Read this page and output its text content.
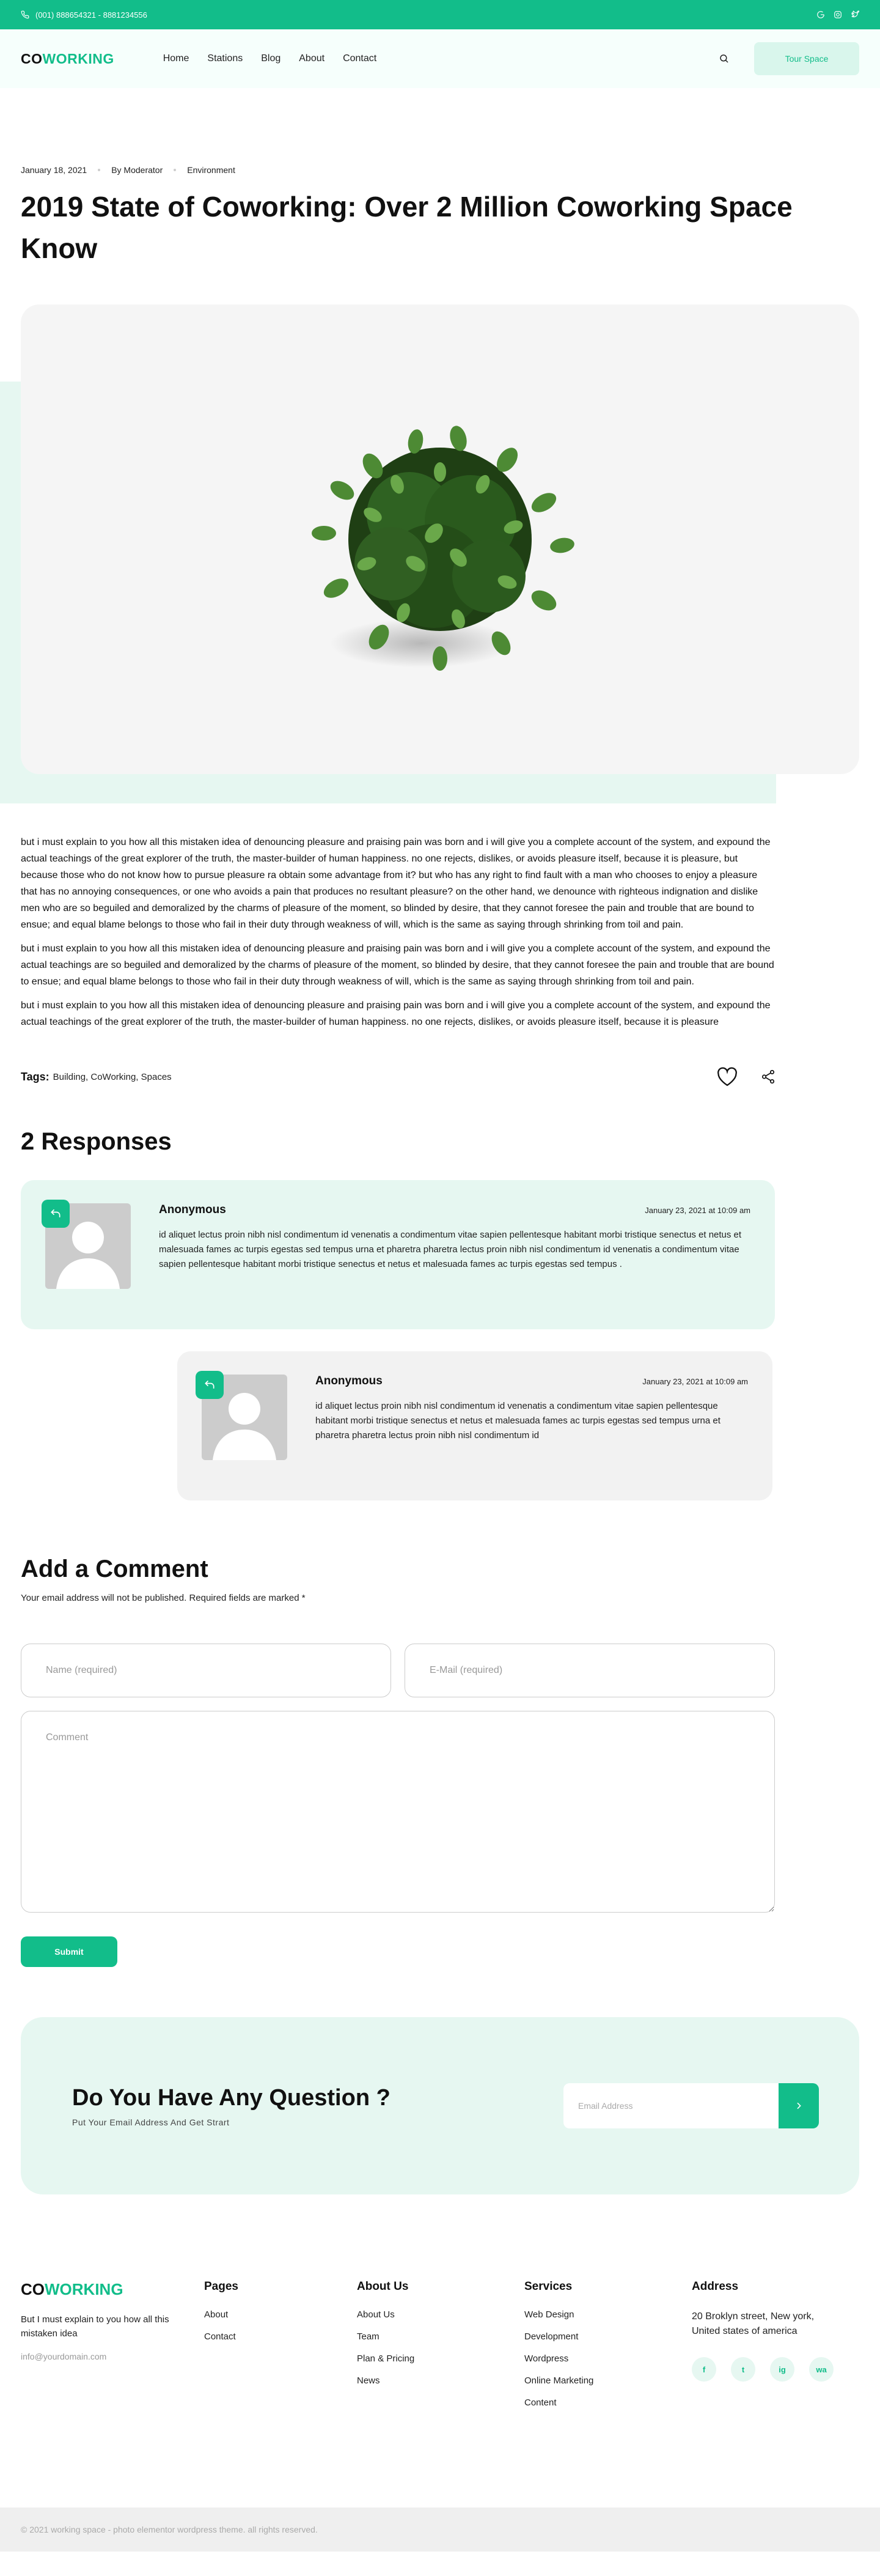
(001) 888654321 - 8881234556
COWORKING	Home Stations Blog About Contact	Tour Space
January 18, 2021	By Moderator	Environment
2019 State of Coworking: Over 2 Million Coworking Space Know

but i must explain to you how all this mistaken idea of denouncing pleasure and praising pain was born and i will give you a complete account of the system, and expound the actual teachings of the great explorer of the truth, the master-builder of human happiness. no one rejects, dislikes, or avoids pleasure itself, because it is pleasure, but because those who do not know how to pursue pleasure ra obtain some advantage from it? but who has any right to find fault with a man who chooses to enjoy a pleasure that has no annoying consequences, or one who avoids a pain that produces no resultant pleasure? on the other hand, we denounce with righteous indignation and dislike men who are so beguiled and demoralized by the charms of pleasure of the moment, so blinded by desire, that they cannot foresee the pain and trouble that are bound to ensue; and equal blame belongs to those who fail in their duty through weakness of will, which is the same as saying through shrinking from toil and pain.

but i must explain to you how all this mistaken idea of denouncing pleasure and praising pain was born and i will give you a complete account of the system, and expound the actual teachings are so beguiled and demoralized by the charms of pleasure of the moment, so blinded by desire, that they cannot foresee the pain and trouble that are bound to ensue; and equal blame belongs to those who fail in their duty through weakness of will, which is the same as saying through shrinking from toil and pain.

but i must explain to you how all this mistaken idea of denouncing pleasure and praising pain was born and i will give you a complete account of the system, and expound the actual teachings of the great explorer of the truth, the master-builder of human happiness. no one rejects, dislikes, or avoids pleasure itself, because it is pleasure

Tags: Building, CoWorking, Spaces
2 Responses
Anonymous	January 23, 2021 at 10:09 am
id aliquet lectus proin nibh nisl condimentum id venenatis a condimentum vitae sapien pellentesque habitant morbi tristique senectus et netus et malesuada fames ac turpis egestas sed tempus urna et pharetra pharetra lectus proin nibh nisl condimentum id venenatis a condimentum vitae sapien pellentesque habitant morbi tristique senectus et netus et malesuada fames ac turpis egestas sed tempus .
Anonymous	January 23, 2021 at 10:09 am
id aliquet lectus proin nibh nisl condimentum id venenatis a condimentum vitae sapien pellentesque habitant morbi tristique senectus et netus et malesuada fames ac turpis egestas sed tempus urna et pharetra pharetra lectus proin nibh nisl condimentum id
Add a Comment

Your email address will not be published. Required fields are marked *

Name (required)
E-Mail (required)
Comment
Submit
Do You Have Any Question ?
Put Your Email Address And Get Strart
Email Address
COWORKING
But I must explain to you how all this mistaken idea
info@yourdomain.com
Pages
About
Contact
About Us
About Us
Team
Plan & Pricing
News
Services
Web Design
Development
Wordpress
Online Marketing
Content
Address
20 Broklyn street, New york, United states of america
f	t	ig	wa
© 2021 working space - photo elementor wordpress theme. all rights reserved.
